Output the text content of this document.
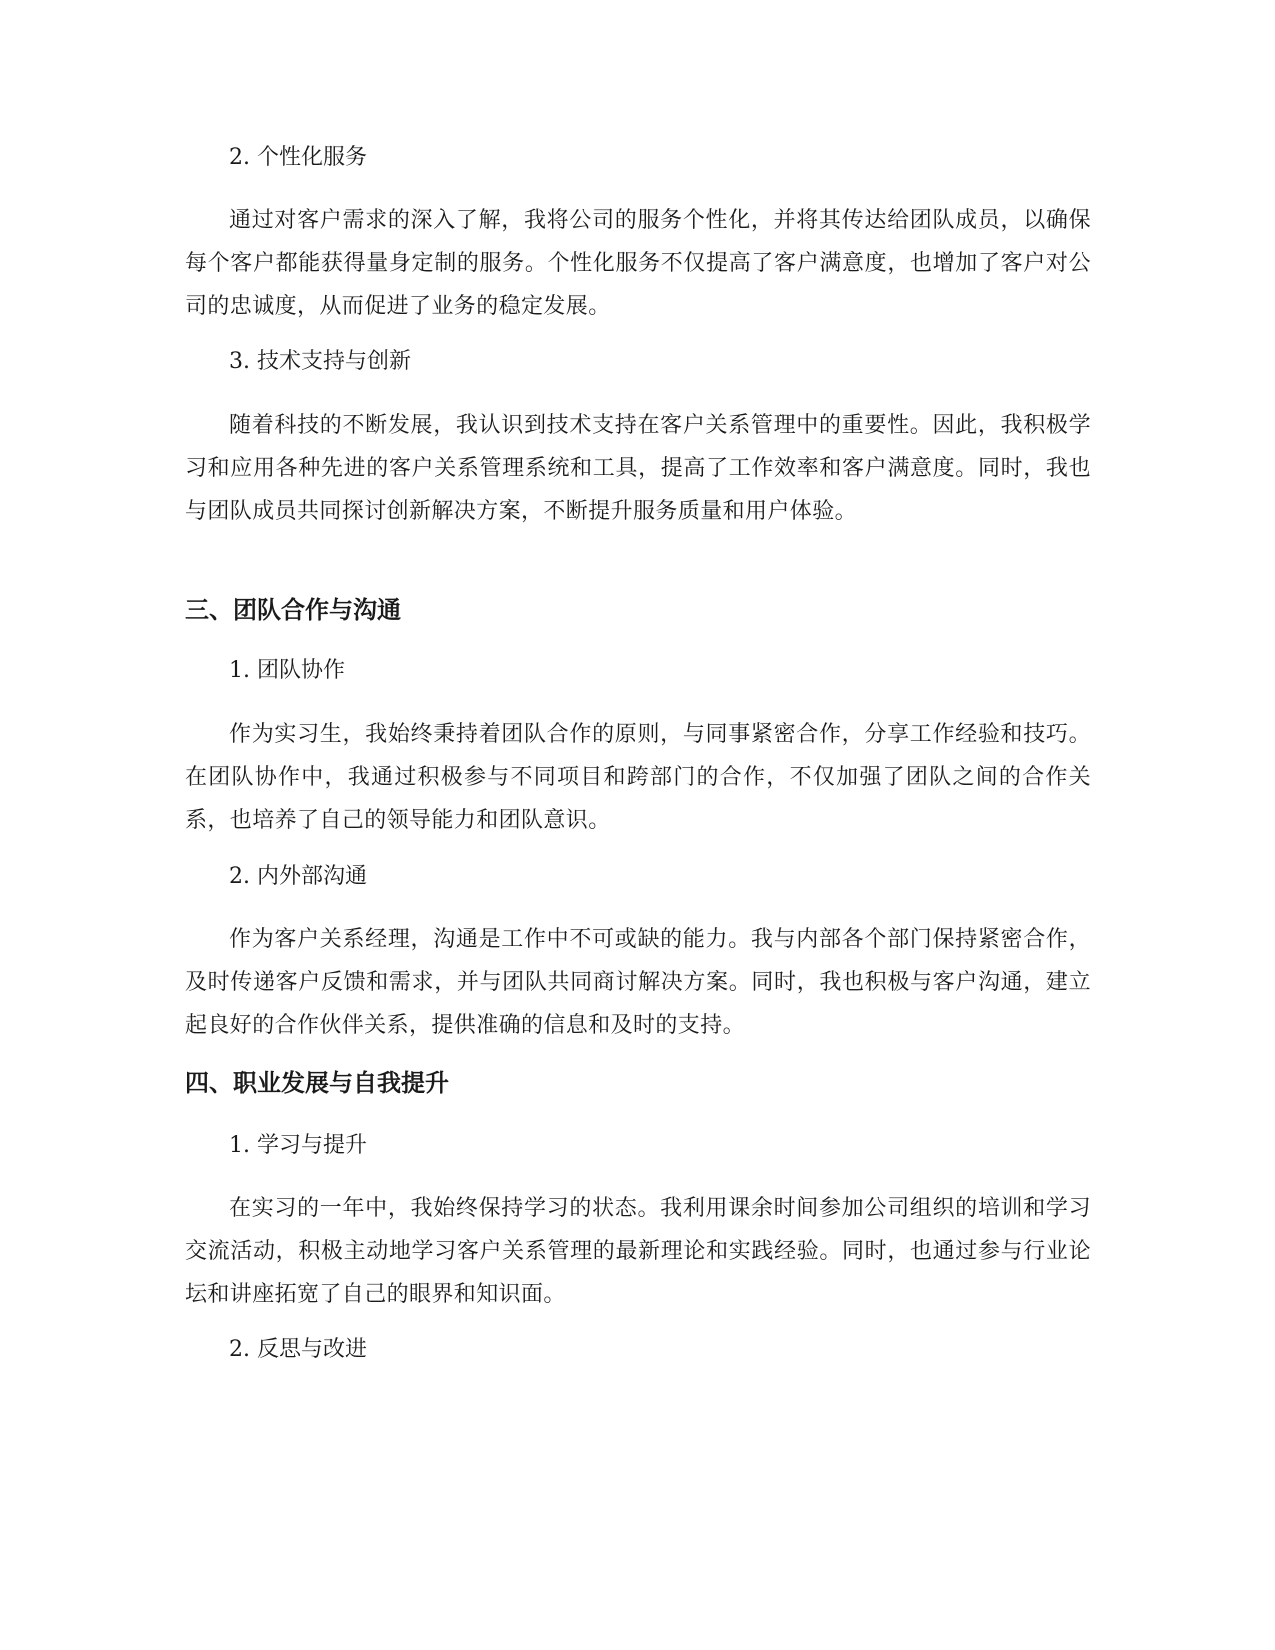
2. 个性化服务

通过对客户需求的深入了解，我将公司的服务个性化，并将其传达给团队成员，以确保每个客户都能获得量身定制的服务。个性化服务不仅提高了客户满意度，也增加了客户对公司的忠诚度，从而促进了业务的稳定发展。

3. 技术支持与创新

随着科技的不断发展，我认识到技术支持在客户关系管理中的重要性。因此，我积极学习和应用各种先进的客户关系管理系统和工具，提高了工作效率和客户满意度。同时，我也与团队成员共同探讨创新解决方案，不断提升服务质量和用户体验。

三、团队合作与沟通

1. 团队协作

作为实习生，我始终秉持着团队合作的原则，与同事紧密合作，分享工作经验和技巧。在团队协作中，我通过积极参与不同项目和跨部门的合作，不仅加强了团队之间的合作关系，也培养了自己的领导能力和团队意识。

2. 内外部沟通

作为客户关系经理，沟通是工作中不可或缺的能力。我与内部各个部门保持紧密合作，及时传递客户反馈和需求，并与团队共同商讨解决方案。同时，我也积极与客户沟通，建立起良好的合作伙伴关系，提供准确的信息和及时的支持。

四、职业发展与自我提升

1. 学习与提升

在实习的一年中，我始终保持学习的状态。我利用课余时间参加公司组织的培训和学习交流活动，积极主动地学习客户关系管理的最新理论和实践经验。同时，也通过参与行业论坛和讲座拓宽了自己的眼界和知识面。

2. 反思与改进
